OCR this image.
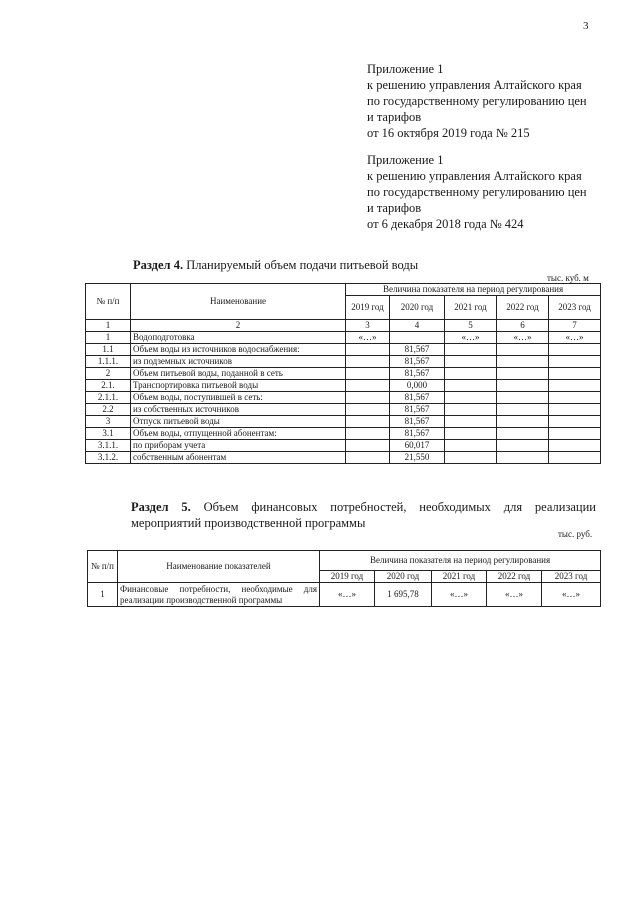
3
Приложение 1
к решению управления Алтайского края
по государственному регулированию цен
и тарифов
от 16 октября 2019 года № 215
Приложение 1
к решению управления Алтайского края
по государственному регулированию цен
и тарифов
от 6 декабря 2018 года № 424
Раздел 4. Планируемый объем подачи питьевой воды
тыс. куб. м
№ п/п	Наименование	Величина показателя на период регулирования				
		2019 год	2020 год	2021 год	2022 год	2023 год
1	2	3	4	5	6	7
1	Водоподготовка	«…»		«…»	«…»	«…»
1.1	Объем воды из источников водоснабжения:		81,567			
1.1.1.	из подземных источников		81,567			
2	Объем питьевой воды, поданной в сеть		81,567			
2.1.	Транспортировка питьевой воды		0,000			
2.1.1.	Объем воды, поступившей в сеть:		81,567			
2.2	из собственных источников		81,567			
3	Отпуск питьевой воды		81,567			
3.1	Объем воды, отпущенной абонентам:		81,567			
3.1.1.	по приборам учета		60,017			
3.1.2.	собственным абонентам		21,550			
Раздел 5. Объем финансовых потребностей, необходимых для реализации мероприятий производственной программы
тыс. руб.
№ п/п	Наименование показателей	Величина показателя на период регулирования				
		2019 год	2020 год	2021 год	2022 год	2023 год
1	Финансовые потребности, необходимые для реализации производственной программы	«…»	1 695,78	«…»	«…»	«…»
